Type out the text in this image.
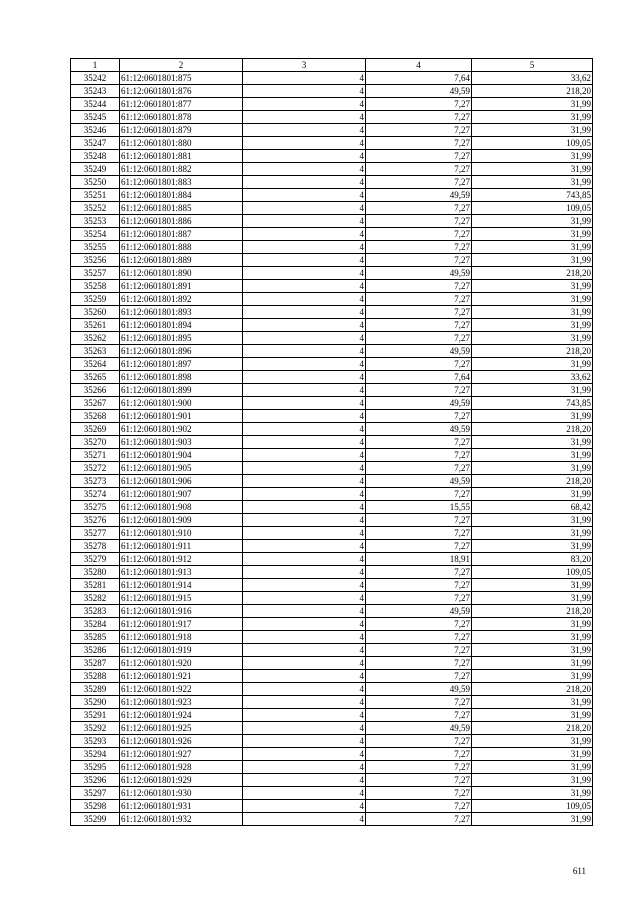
1	2	3	4	5
35242	61:12:0601801:875	4	7,64	33,62
35243	61:12:0601801:876	4	49,59	218,20
35244	61:12:0601801:877	4	7,27	31,99
35245	61:12:0601801:878	4	7,27	31,99
35246	61:12:0601801:879	4	7,27	31,99
35247	61:12:0601801:880	4	7,27	109,05
35248	61:12:0601801:881	4	7,27	31,99
35249	61:12:0601801:882	4	7,27	31,99
35250	61:12:0601801:883	4	7,27	31,99
35251	61:12:0601801:884	4	49,59	743,85
35252	61:12:0601801:885	4	7,27	109,05
35253	61:12:0601801:886	4	7,27	31,99
35254	61:12:0601801:887	4	7,27	31,99
35255	61:12:0601801:888	4	7,27	31,99
35256	61:12:0601801:889	4	7,27	31,99
35257	61:12:0601801:890	4	49,59	218,20
35258	61:12:0601801:891	4	7,27	31,99
35259	61:12:0601801:892	4	7,27	31,99
35260	61:12:0601801:893	4	7,27	31,99
35261	61:12:0601801:894	4	7,27	31,99
35262	61:12:0601801:895	4	7,27	31,99
35263	61:12:0601801:896	4	49,59	218,20
35264	61:12:0601801:897	4	7,27	31,99
35265	61:12:0601801:898	4	7,64	33,62
35266	61:12:0601801:899	4	7,27	31,99
35267	61:12:0601801:900	4	49,59	743,85
35268	61:12:0601801:901	4	7,27	31,99
35269	61:12:0601801:902	4	49,59	218,20
35270	61:12:0601801:903	4	7,27	31,99
35271	61:12:0601801:904	4	7,27	31,99
35272	61:12:0601801:905	4	7,27	31,99
35273	61:12:0601801:906	4	49,59	218,20
35274	61:12:0601801:907	4	7,27	31,99
35275	61:12:0601801:908	4	15,55	68,42
35276	61:12:0601801:909	4	7,27	31,99
35277	61:12:0601801:910	4	7,27	31,99
35278	61:12:0601801:911	4	7,27	31,99
35279	61:12:0601801:912	4	18,91	83,20
35280	61:12:0601801:913	4	7,27	109,05
35281	61:12:0601801:914	4	7,27	31,99
35282	61:12:0601801:915	4	7,27	31,99
35283	61:12:0601801:916	4	49,59	218,20
35284	61:12:0601801:917	4	7,27	31,99
35285	61:12:0601801:918	4	7,27	31,99
35286	61:12:0601801:919	4	7,27	31,99
35287	61:12:0601801:920	4	7,27	31,99
35288	61:12:0601801:921	4	7,27	31,99
35289	61:12:0601801:922	4	49,59	218,20
35290	61:12:0601801:923	4	7,27	31,99
35291	61:12:0601801:924	4	7,27	31,99
35292	61:12:0601801:925	4	49,59	218,20
35293	61:12:0601801:926	4	7,27	31,99
35294	61:12:0601801:927	4	7,27	31,99
35295	61:12:0601801:928	4	7,27	31,99
35296	61:12:0601801:929	4	7,27	31,99
35297	61:12:0601801:930	4	7,27	31,99
35298	61:12:0601801:931	4	7,27	109,05
35299	61:12:0601801:932	4	7,27	31,99
611
